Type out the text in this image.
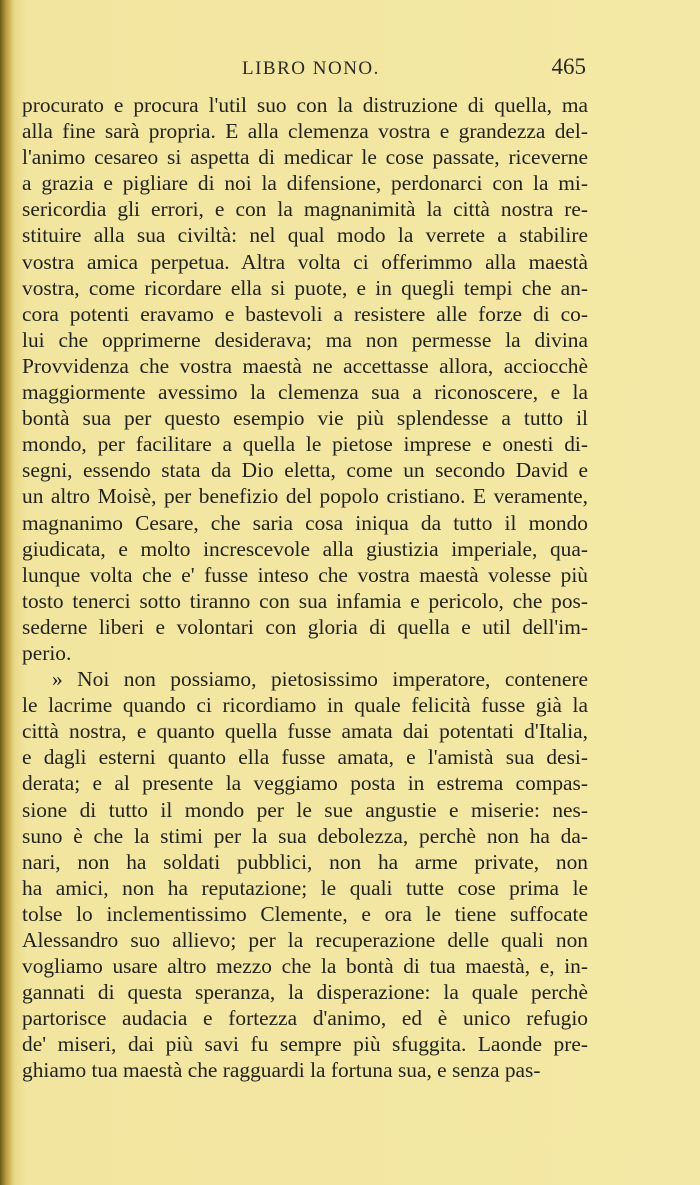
LIBRO NONO.	465
procurato e procura l'util suo con la distruzione di quella, ma
alla fine sarà propria. E alla clemenza vostra e grandezza del-
l'animo cesareo si aspetta di medicar le cose passate, riceverne
a grazia e pigliare di noi la difensione, perdonarci con la mi-
sericordia gli errori, e con la magnanimità la città nostra re-
stituire alla sua civiltà: nel qual modo la verrete a stabilire
vostra amica perpetua. Altra volta ci offerimmo alla maestà
vostra, come ricordare ella si puote, e in quegli tempi che an-
cora potenti eravamo e bastevoli a resistere alle forze di co-
lui che opprimerne desiderava; ma non permesse la divina
Provvidenza che vostra maestà ne accettasse allora, acciocchè
maggiormente avessimo la clemenza sua a riconoscere, e la
bontà sua per questo esempio vie più splendesse a tutto il
mondo, per facilitare a quella le pietose imprese e onesti di-
segni, essendo stata da Dio eletta, come un secondo David e
un altro Moisè, per benefizio del popolo cristiano. E veramente,
magnanimo Cesare, che saria cosa iniqua da tutto il mondo
giudicata, e molto increscevole alla giustizia imperiale, qua-
lunque volta che e' fusse inteso che vostra maestà volesse più
tosto tenerci sotto tiranno con sua infamia e pericolo, che pos-
sederne liberi e volontari con gloria di quella e util dell'im-
perio.
» Noi non possiamo, pietosissimo imperatore, contenere
le lacrime quando ci ricordiamo in quale felicità fusse già la
città nostra, e quanto quella fusse amata dai potentati d'Italia,
e dagli esterni quanto ella fusse amata, e l'amistà sua desi-
derata; e al presente la veggiamo posta in estrema compas-
sione di tutto il mondo per le sue angustie e miserie: nes-
suno è che la stimi per la sua debolezza, perchè non ha da-
nari, non ha soldati pubblici, non ha arme private, non
ha amici, non ha reputazione; le quali tutte cose prima le
tolse lo inclementissimo Clemente, e ora le tiene suffocate
Alessandro suo allievo; per la recuperazione delle quali non
vogliamo usare altro mezzo che la bontà di tua maestà, e, in-
gannati di questa speranza, la disperazione: la quale perchè
partorisce audacia e fortezza d'animo, ed è unico refugio
de' miseri, dai più savi fu sempre più sfuggita. Laonde pre-
ghiamo tua maestà che ragguardi la fortuna sua, e senza pas-
